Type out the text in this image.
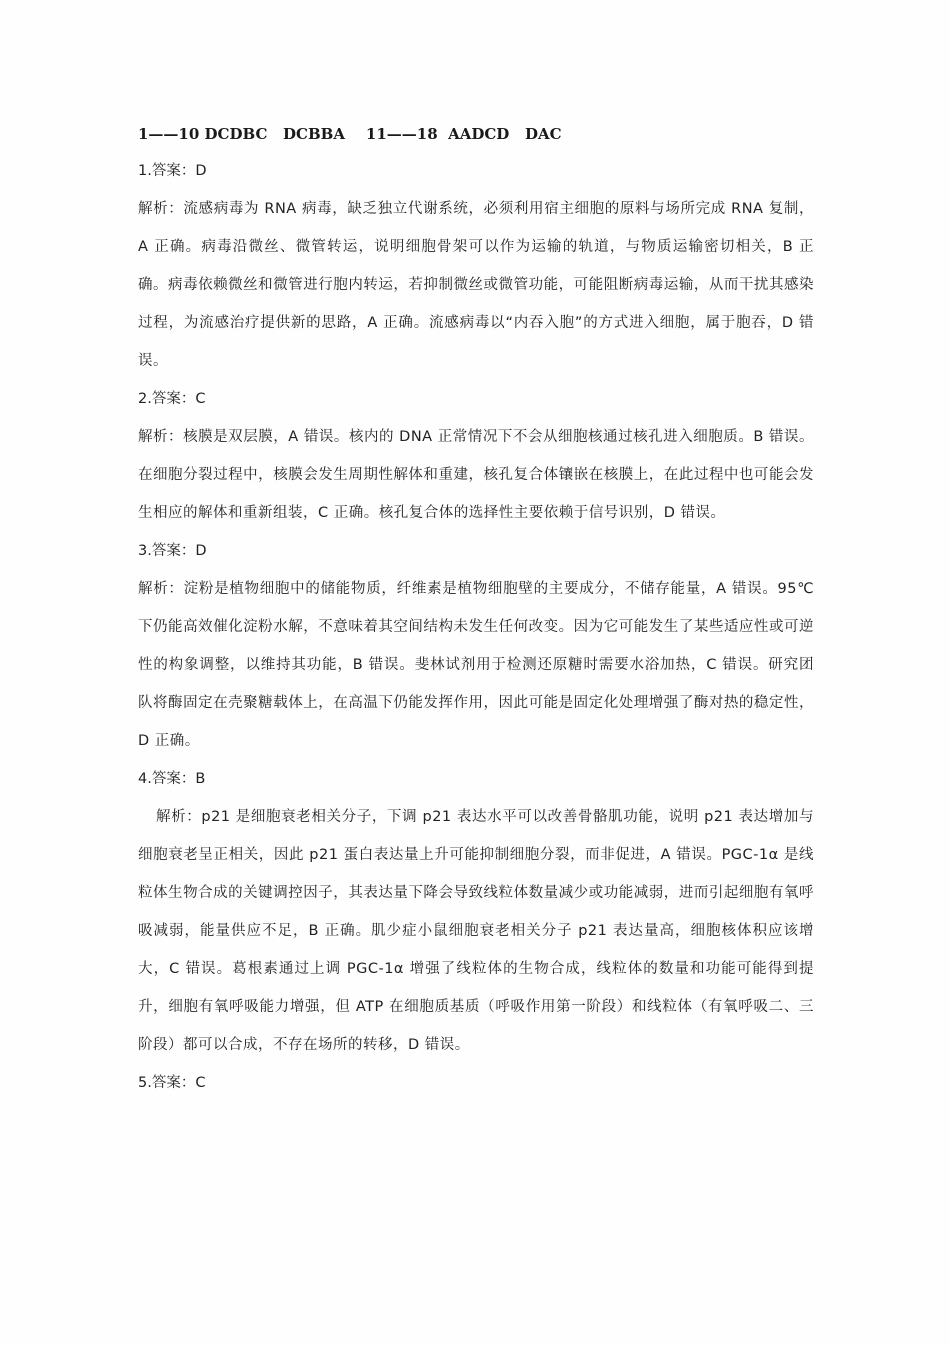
1——10 DCDBC   DCBBA    11——18  AADCD   DAC
1.答案：D
解析：流感病毒为 RNA 病毒，缺乏独立代谢系统，必须利用宿主细胞的原料与场所完成 RNA 复制，A 正确。病毒沿微丝、微管转运，说明细胞骨架可以作为运输的轨道，与物质运输密切相关，B 正确。病毒依赖微丝和微管进行胞内转运，若抑制微丝或微管功能，可能阻断病毒运输，从而干扰其感染过程，为流感治疗提供新的思路，A 正确。流感病毒以“内吞入胞”的方式进入细胞，属于胞吞，D 错误。
2.答案：C
解析：核膜是双层膜，A 错误。核内的 DNA 正常情况下不会从细胞核通过核孔进入细胞质。B 错误。在细胞分裂过程中，核膜会发生周期性解体和重建，核孔复合体镶嵌在核膜上，在此过程中也可能会发生相应的解体和重新组装，C 正确。核孔复合体的选择性主要依赖于信号识别，D 错误。
3.答案：D
解析：淀粉是植物细胞中的储能物质，纤维素是植物细胞壁的主要成分，不储存能量，A 错误。95℃下仍能高效催化淀粉水解，不意味着其空间结构未发生任何改变。因为它可能发生了某些适应性或可逆性的构象调整，以维持其功能，B 错误。斐林试剂用于检测还原糖时需要水浴加热，C 错误。研究团队将酶固定在壳聚糖载体上，在高温下仍能发挥作用，因此可能是固定化处理增强了酶对热的稳定性，D 正确。
4.答案：B
解析：p21 是细胞衰老相关分子，下调 p21 表达水平可以改善骨骼肌功能，说明 p21 表达增加与细胞衰老呈正相关，因此 p21 蛋白表达量上升可能抑制细胞分裂，而非促进，A 错误。PGC-1α 是线粒体生物合成的关键调控因子，其表达量下降会导致线粒体数量减少或功能减弱，进而引起细胞有氧呼吸减弱，能量供应不足，B 正确。肌少症小鼠细胞衰老相关分子 p21 表达量高，细胞核体积应该增大，C 错误。葛根素通过上调 PGC-1α 增强了线粒体的生物合成，线粒体的数量和功能可能得到提升，细胞有氧呼吸能力增强，但 ATP 在细胞质基质（呼吸作用第一阶段）和线粒体（有氧呼吸二、三阶段）都可以合成，不存在场所的转移，D 错误。
5.答案：C
